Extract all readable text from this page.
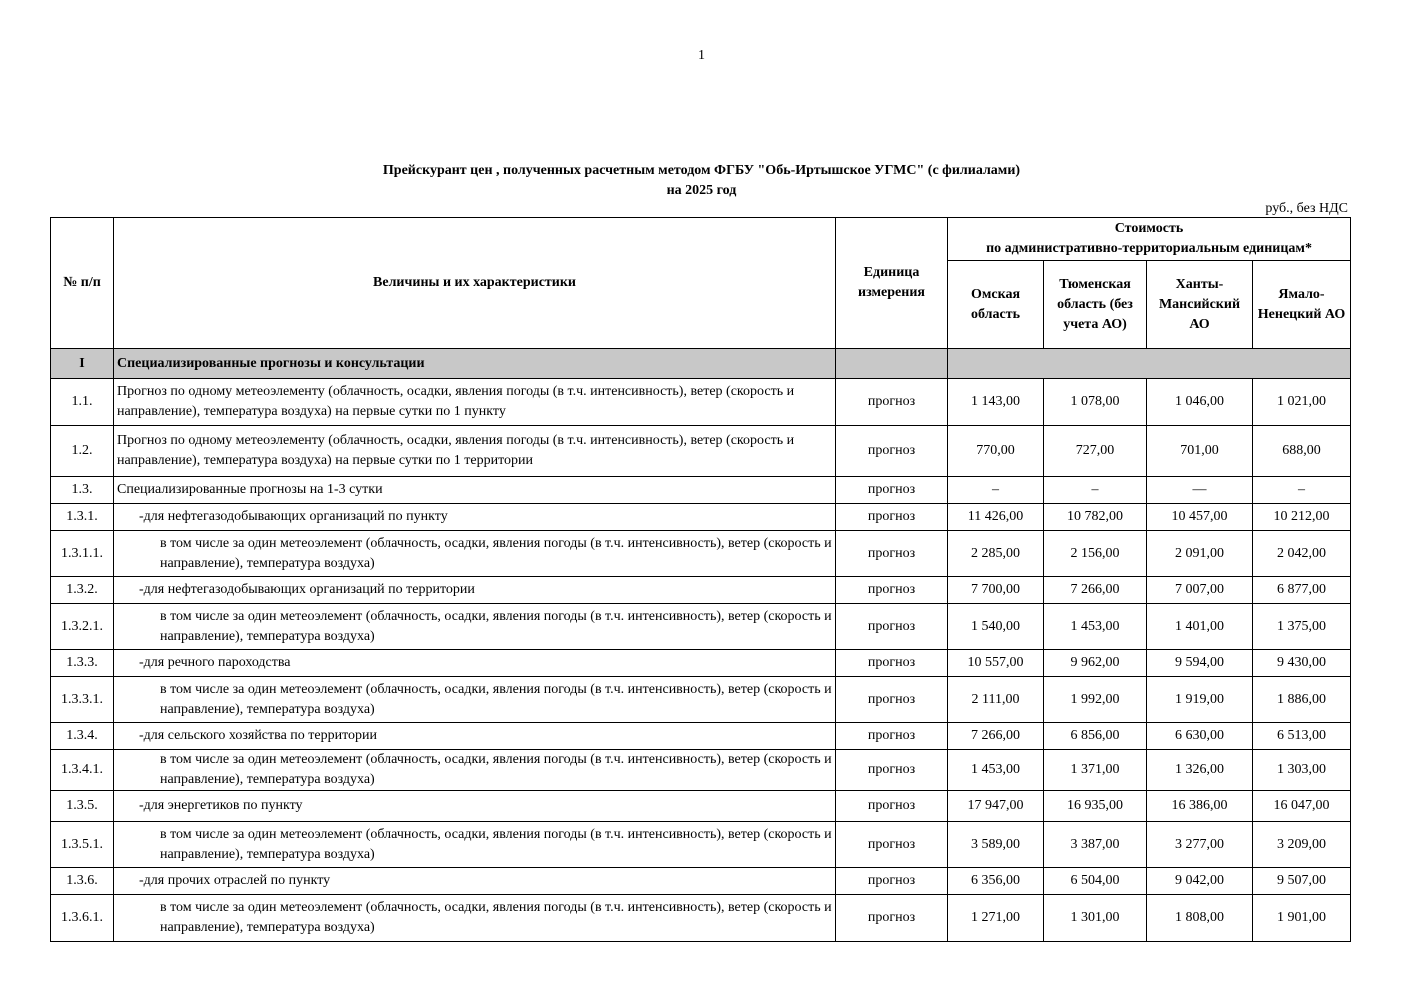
1
Прейскурант цен , полученных расчетным методом ФГБУ "Обь-Иртышское УГМС" (с филиалами)
на 2025 год
руб., без НДС
№ п/п	Величины и их характеристики	Единица измерения	Стоимость
по административно-территориальным единицам*			

			Омская область	Тюменская область (без учета АО)	Ханты-Мансийский АО	Ямало-Ненецкий АО
I	Специализированные прогнозы и консультации					
1.1.	Прогноз по одному метеоэлементу (облачность, осадки, явления погоды (в т.ч. интенсивность), ветер (скорость и направление), температура воздуха) на первые сутки по 1 пункту	прогноз	1 143,00	1 078,00	1 046,00	1 021,00
1.2.	Прогноз по одному метеоэлементу (облачность, осадки, явления погоды (в т.ч. интенсивность), ветер (скорость и направление), температура воздуха) на первые сутки по 1 территории	прогноз	770,00	727,00	701,00	688,00
1.3.	Специализированные прогнозы на 1-3 сутки	прогноз	–	–	—	–
1.3.1.	-для нефтегазодобывающих организаций по пункту	прогноз	11 426,00	10 782,00	10 457,00	10 212,00
1.3.1.1.	в том числе за один метеоэлемент (облачность, осадки, явления погоды (в т.ч. интенсивность), ветер (скорость и направление), температура воздуха)	прогноз	2 285,00	2 156,00	2 091,00	2 042,00
1.3.2.	-для нефтегазодобывающих организаций по территории	прогноз	7 700,00	7 266,00	7 007,00	6 877,00
1.3.2.1.	в том числе за один метеоэлемент (облачность, осадки, явления погоды (в т.ч. интенсивность), ветер (скорость и направление), температура воздуха)	прогноз	1 540,00	1 453,00	1 401,00	1 375,00
1.3.3.	-для речного пароходства	прогноз	10 557,00	9 962,00	9 594,00	9 430,00
1.3.3.1.	в том числе за один метеоэлемент (облачность, осадки, явления погоды (в т.ч. интенсивность), ветер (скорость и направление), температура воздуха)	прогноз	2 111,00	1 992,00	1 919,00	1 886,00
1.3.4.	-для сельского хозяйства по территории	прогноз	7 266,00	6 856,00	6 630,00	6 513,00
1.3.4.1.	в том числе за один метеоэлемент (облачность, осадки, явления погоды (в т.ч. интенсивность), ветер (скорость и направление), температура воздуха)	прогноз	1 453,00	1 371,00	1 326,00	1 303,00
1.3.5.	-для энергетиков по пункту	прогноз	17 947,00	16 935,00	16 386,00	16 047,00
1.3.5.1.	в том числе за один метеоэлемент (облачность, осадки, явления погоды (в т.ч. интенсивность), ветер (скорость и направление), температура воздуха)	прогноз	3 589,00	3 387,00	3 277,00	3 209,00
1.3.6.	-для прочих отраслей по пункту	прогноз	6 356,00	6 504,00	9 042,00	9 507,00
1.3.6.1.	в том числе за один метеоэлемент (облачность, осадки, явления погоды (в т.ч. интенсивность), ветер (скорость и направление), температура воздуха)	прогноз	1 271,00	1 301,00	1 808,00	1 901,00
